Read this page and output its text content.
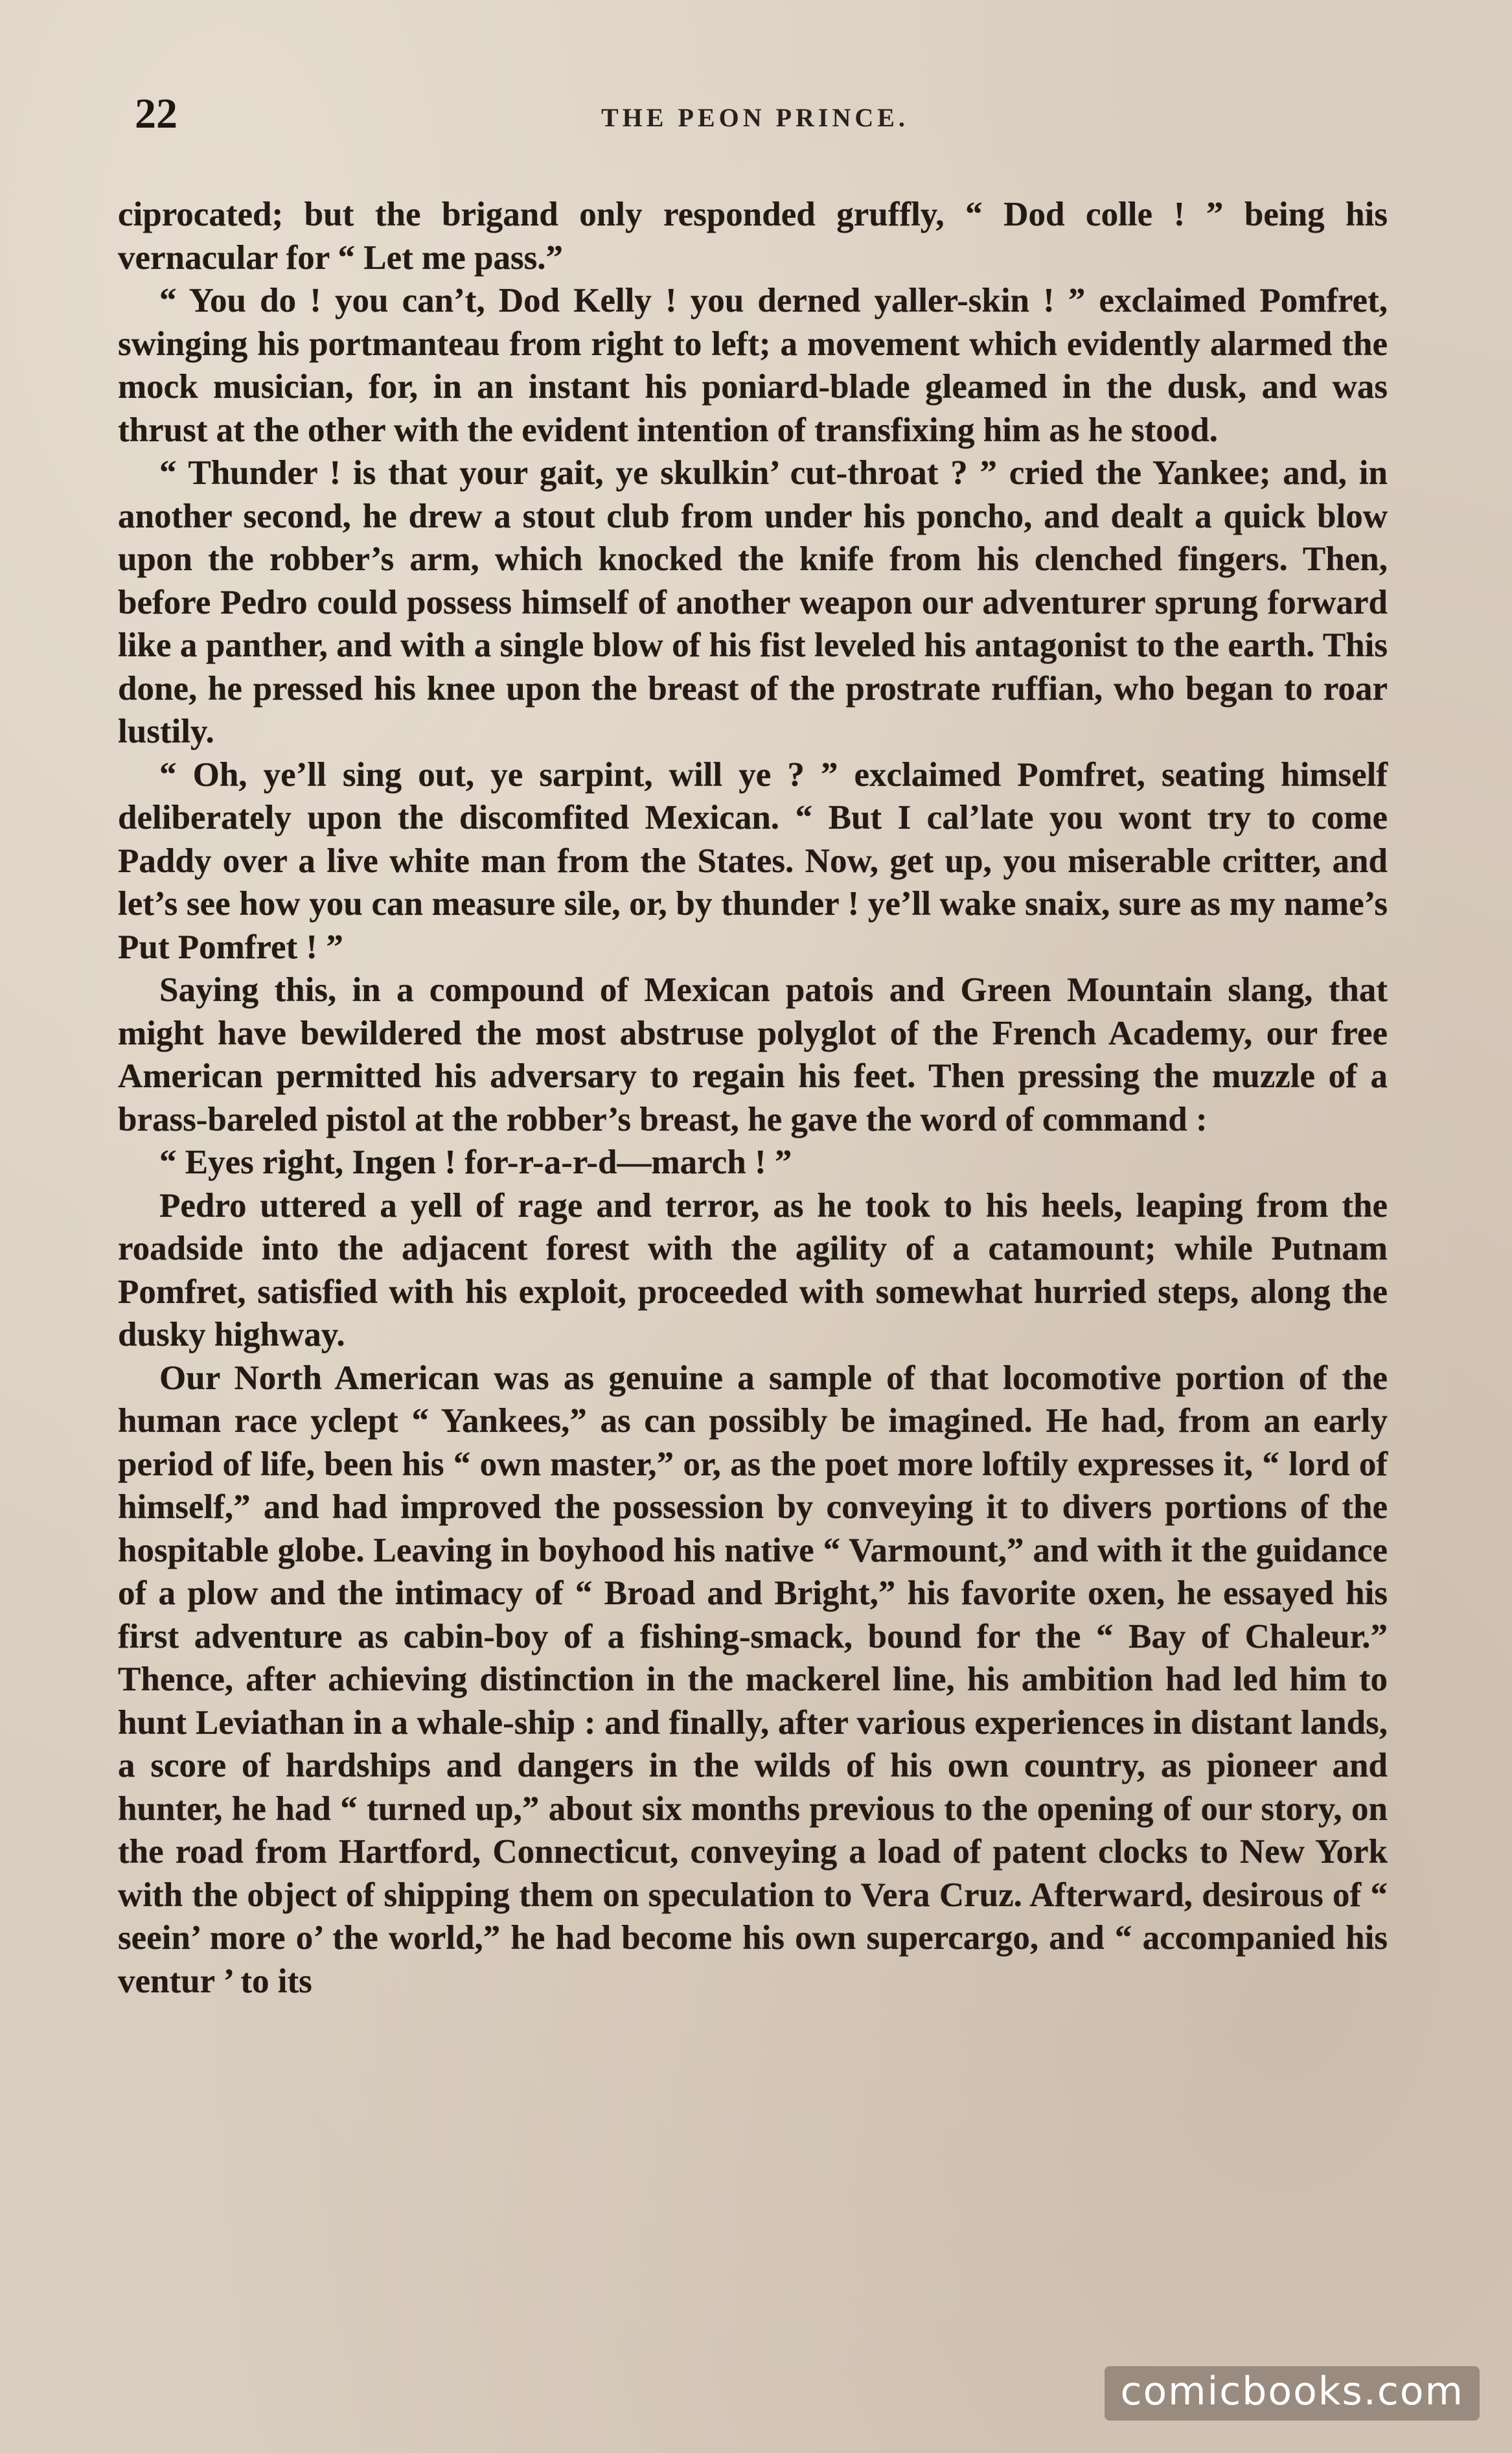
22	THE PEON PRINCE.

ciprocated; but the brigand only responded gruffly, “ Dod colle ! ” being his vernacular for “ Let me pass.”

“ You do ! you can’t, Dod Kelly ! you derned yaller-skin ! ” exclaimed Pomfret, swinging his portmanteau from right to left; a movement which evidently alarmed the mock musician, for, in an instant his poniard-blade gleamed in the dusk, and was thrust at the other with the evident intention of transfixing him as he stood.

“ Thunder ! is that your gait, ye skulkin’ cut-throat ? ” cried the Yankee; and, in another second, he drew a stout club from under his poncho, and dealt a quick blow upon the robber’s arm, which knocked the knife from his clenched fingers. Then, before Pedro could possess himself of another weapon our adventurer sprung forward like a panther, and with a single blow of his fist leveled his antagonist to the earth. This done, he pressed his knee upon the breast of the prostrate ruffian, who began to roar lustily.

“ Oh, ye’ll sing out, ye sarpint, will ye ? ” exclaimed Pomfret, seating himself deliberately upon the discomfited Mexican. “ But I cal’late you wont try to come Paddy over a live white man from the States. Now, get up, you miserable critter, and let’s see how you can measure sile, or, by thunder ! ye’ll wake snaix, sure as my name’s Put Pomfret ! ”

Saying this, in a compound of Mexican patois and Green Mountain slang, that might have bewildered the most abstruse polyglot of the French Academy, our free American permitted his adversary to regain his feet. Then pressing the muzzle of a brass-bareled pistol at the robber’s breast, he gave the word of command :

“ Eyes right, Ingen ! for-r-a-r-d—march ! ”

Pedro uttered a yell of rage and terror, as he took to his heels, leaping from the roadside into the adjacent forest with the agility of a catamount; while Putnam Pomfret, satisfied with his exploit, proceeded with somewhat hurried steps, along the dusky highway.

Our North American was as genuine a sample of that locomotive portion of the human race yclept “ Yankees,” as can possibly be imagined. He had, from an early period of life, been his “ own master,” or, as the poet more loftily expresses it, “ lord of himself,” and had improved the possession by conveying it to divers portions of the hospitable globe. Leaving in boyhood his native “ Varmount,” and with it the guidance of a plow and the intimacy of “ Broad and Bright,” his favorite oxen, he essayed his first adventure as cabin-boy of a fishing-smack, bound for the “ Bay of Chaleur.” Thence, after achieving distinction in the mackerel line, his ambition had led him to hunt Leviathan in a whale-ship : and finally, after various experiences in distant lands, a score of hardships and dangers in the wilds of his own country, as pioneer and hunter, he had “ turned up,” about six months previous to the opening of our story, on the road from Hartford, Connecticut, conveying a load of patent clocks to New York with the object of shipping them on speculation to Vera Cruz. Afterward, desirous of “ seein’ more o’ the world,” he had become his own supercargo, and “ accompanied his ventur ’ to its

comicbooks.com
